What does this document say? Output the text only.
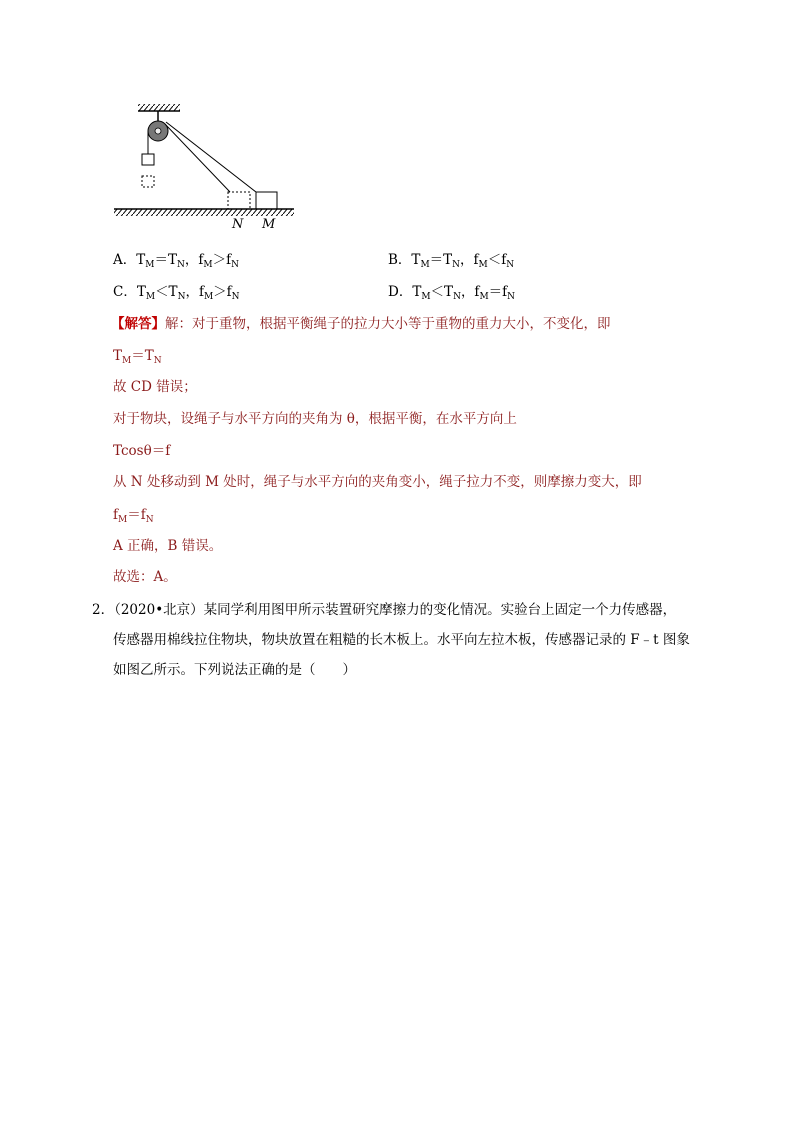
N M
A．$T_M=T_N$，$f_M>f_N$	B．$T_M=T_N$，$f_M<f_N$
C．$T_M<T_N$，$f_M>f_N$	D．$T_M<T_N$，$f_M=f_N$
【解答】解：对于重物，根据平衡绳子的拉力大小等于重物的重力大小，不变化，即
$T_M=T_N$
故 CD 错误；
对于物块，设绳子与水平方向的夹角为 θ，根据平衡，在水平方向上
Tcosθ＝f
从 N 处移动到 M 处时，绳子与水平方向的夹角变小，绳子拉力不变，则摩擦力变大，即
$f_M=f_N$
A 正确，B 错误。
故选：A。
2．（2020•北京）某同学利用图甲所示装置研究摩擦力的变化情况。实验台上固定一个力传感器，
传感器用棉线拉住物块，物块放置在粗糙的长木板上。水平向左拉木板，传感器记录的 F﹣t 图象
如图乙所示。下列说法正确的是（　　）
